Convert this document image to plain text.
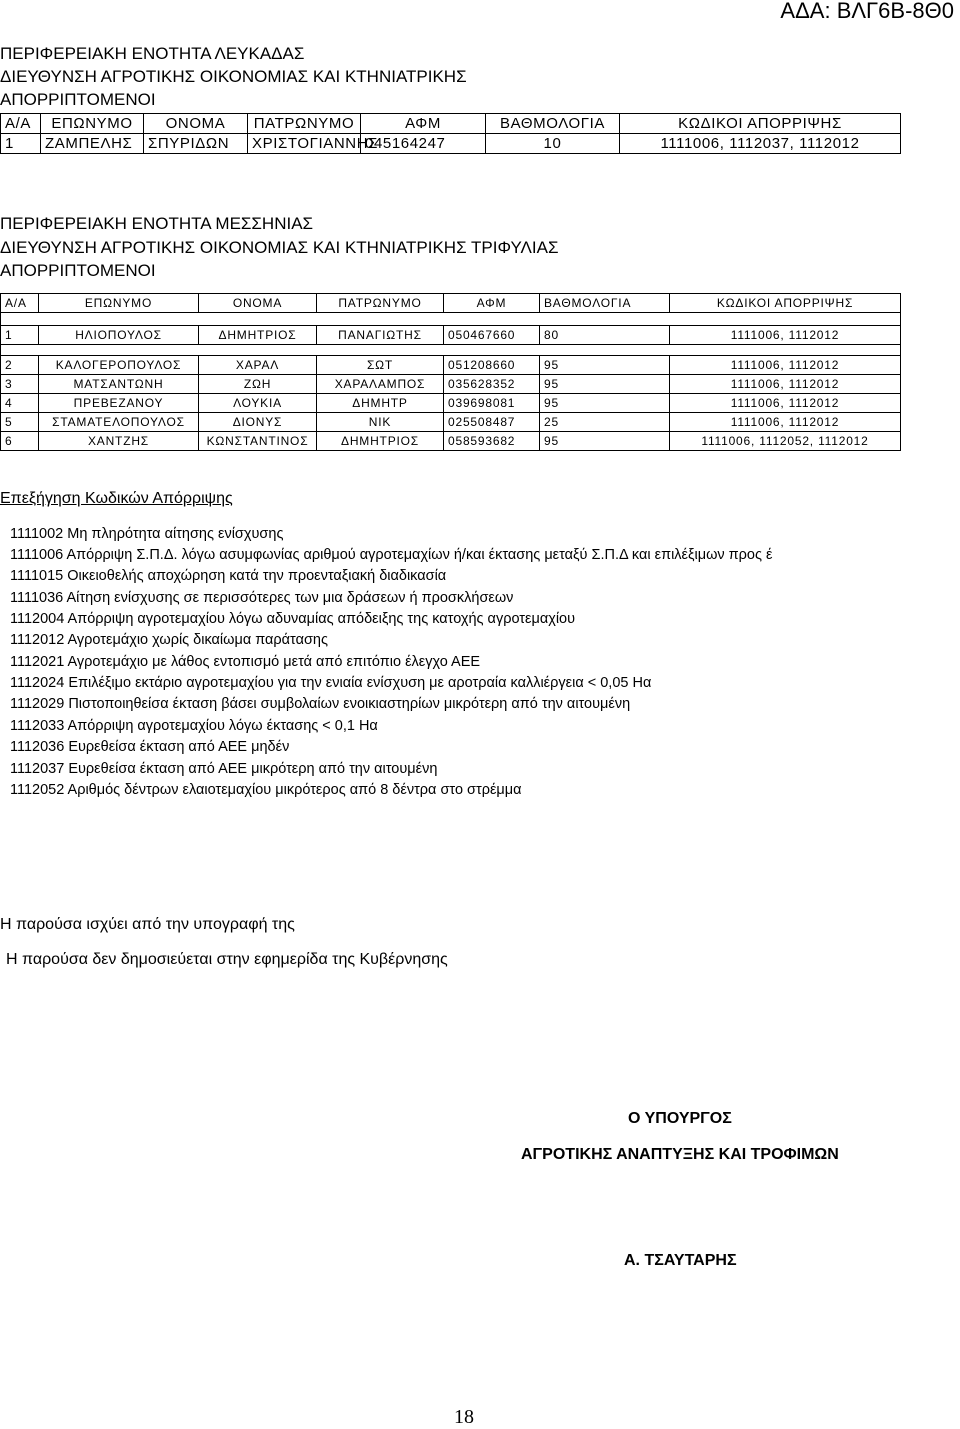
ΑΔΑ: ΒΛΓ6Β-8Θ0
ΠΕΡΙΦΕΡΕΙΑΚΗ ΕΝΟΤΗΤΑ ΛΕΥΚΑΔΑΣ
ΔΙΕΥΘΥΝΣΗ ΑΓΡΟΤΙΚΗΣ ΟΙΚΟΝΟΜΙΑΣ ΚΑΙ ΚΤΗΝΙΑΤΡΙΚΗΣ
ΑΠΟΡΡΙΠΤΟΜΕΝΟΙ
Α/Α	ΕΠΩΝΥΜΟ	ΟΝΟΜΑ	ΠΑΤΡΩΝΥΜΟ	ΑΦΜ	ΒΑΘΜΟΛΟΓΙΑ	ΚΩΔΙΚΟΙ ΑΠΟΡΡΙΨΗΣ
1	ΖΑΜΠΕΛΗΣ	ΣΠΥΡΙΔΩΝ	ΧΡΙΣΤΟΓΙΑΝΝΗΣ	045164247	10	1111006, 1112037, 1112012
ΠΕΡΙΦΕΡΕΙΑΚΗ ΕΝΟΤΗΤΑ ΜΕΣΣΗΝΙΑΣ
ΔΙΕΥΘΥΝΣΗ ΑΓΡΟΤΙΚΗΣ ΟΙΚΟΝΟΜΙΑΣ ΚΑΙ ΚΤΗΝΙΑΤΡΙΚΗΣ ΤΡΙΦΥΛΙΑΣ
ΑΠΟΡΡΙΠΤΟΜΕΝΟΙ
Α/Α	ΕΠΩΝΥΜΟ	ΟΝΟΜΑ	ΠΑΤΡΩΝΥΜΟ	ΑΦΜ	ΒΑΘΜΟΛΟΓΙΑ	ΚΩΔΙΚΟΙ ΑΠΟΡΡΙΨΗΣ

1	ΗΛΙΟΠΟΥΛΟΣ	ΔΗΜΗΤΡΙΟΣ	ΠΑΝΑΓΙΩΤΗΣ	050467660	80	1111006, 1112012

2	ΚΑΛΟΓΕΡΟΠΟΥΛΟΣ	ΧΑΡΑΛ	ΣΩΤ	051208660	95	1111006, 1112012
3	ΜΑΤΣΑΝΤΩΝΗ	ΖΩΗ	ΧΑΡΑΛΑΜΠΟΣ	035628352	95	1111006, 1112012
4	ΠΡΕΒΕΖΑΝΟΥ	ΛΟΥΚΙΑ	ΔΗΜΗΤΡ	039698081	95	1111006, 1112012
5	ΣΤΑΜΑΤΕΛΟΠΟΥΛΟΣ	ΔΙΟΝΥΣ	ΝΙΚ	025508487	25	1111006, 1112012
6	ΧΑΝΤΖΗΣ	ΚΩΝΣΤΑΝΤΙΝΟΣ	ΔΗΜΗΤΡΙΟΣ	058593682	95	1111006, 1112052, 1112012
Επεξήγηση Κωδικών Απόρριψης
1111002 Μη πληρότητα αίτησης ενίσχυσης
1111006 Απόρριψη Σ.Π.Δ. λόγω ασυμφωνίας αριθμού αγροτεμαχίων ή/και έκτασης μεταξύ Σ.Π.Δ και επιλέξιμων προς έ
1111015 Οικειοθελής αποχώρηση κατά την προενταξιακή διαδικασία
1111036 Αίτηση ενίσχυσης σε περισσότερες των μια δράσεων ή προσκλήσεων
1112004 Απόρριψη αγροτεμαχίου λόγω αδυναμίας απόδειξης της κατοχής αγροτεμαχίου
1112012 Αγροτεμάχιο χωρίς δικαίωμα παράτασης
1112021 Αγροτεμάχιο με λάθος εντοπισμό μετά από επιτόπιο έλεγχο ΑΕΕ
1112024 Επιλέξιμο εκτάριο αγροτεμαχίου για την ενιαία ενίσχυση με αροτραία καλλιέργεια < 0,05 Ηα
1112029 Πιστοποιηθείσα έκταση βάσει συμβολαίων ενοικιαστηρίων μικρότερη από την αιτουμένη
1112033 Απόρριψη αγροτεμαχίου λόγω έκτασης < 0,1 Ηα
1112036 Ευρεθείσα έκταση από ΑΕΕ μηδέν
1112037 Ευρεθείσα έκταση από ΑΕΕ μικρότερη από την αιτουμένη
1112052 Αριθμός δέντρων ελαιοτεμαχίου μικρότερος από 8 δέντρα στο στρέμμα
Η παρούσα ισχύει από την υπογραφή της
Η παρούσα δεν δημοσιεύεται στην εφημερίδα της Κυβέρνησης
Ο ΥΠΟΥΡΓΟΣ
ΑΓΡΟΤΙΚΗΣ ΑΝΑΠΤΥΞΗΣ ΚΑΙ ΤΡΟΦΙΜΩΝ
Α. ΤΣΑΥΤΑΡΗΣ
18
